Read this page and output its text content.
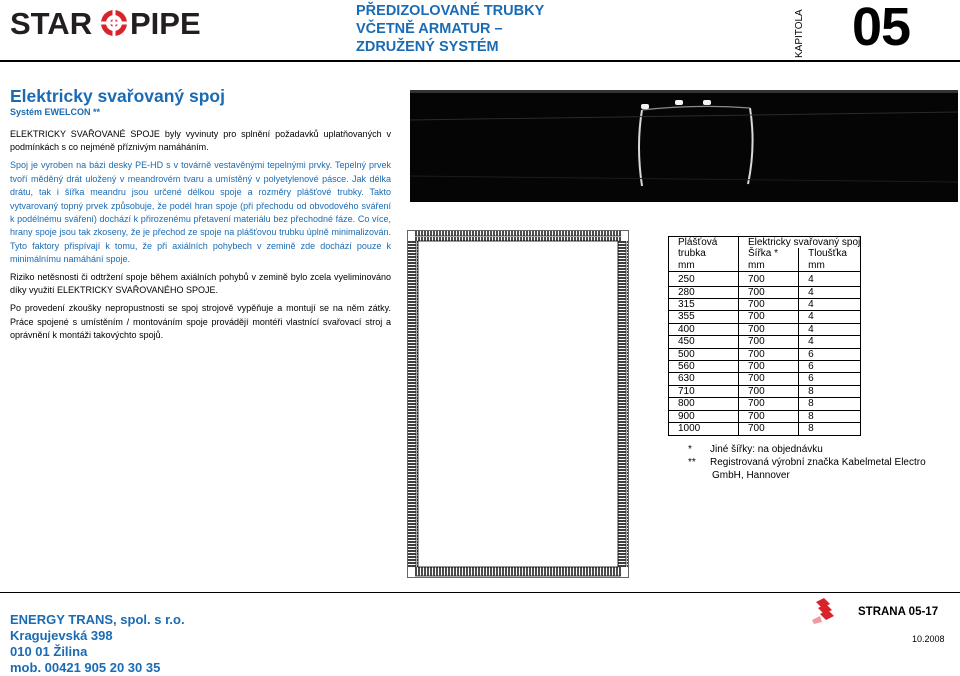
STAR PIPE	PŘEDIZOLOVANÉ TRUBKY
VČETNĚ ARMATUR –
ZDRUŽENÝ SYSTÉM	KAPITOLA 05
Elektricky svařovaný spoj
Systém EWELCON **

ELEKTRICKY SVAŘOVANÉ SPOJE byly vyvinuty pro splnění požadavků uplatňovaných v podmínkách s co nejméně příznivým namáháním.

Spoj je vyroben na bázi desky PE-HD s v továrně vestavěnými tepelnými prvky. Tepelný prvek tvoří měděný drát uložený v meandrovém tvaru a umístěný v polyetylenové pásce. Jak délka drátu, tak i šířka meandru jsou určené délkou spoje a rozměry plášťové trubky. Takto vytvarovaný topný prvek způsobuje, že podél hran spoje (při přechodu od obvodového sváření k podélnému sváření) dochází k přirozenému přetavení materiálu bez přechodné fáze. Co více, hrany spoje jsou tak zkoseny, že je přechod ze spoje na plášťovou trubku úplně minimalizován. Tyto faktory přispívají k tomu, že při axiálních pohybech v zemině zde dochází pouze k minimálnímu namáhání spoje.

Riziko netěsnosti či odtržení spoje během axiálních pohybů v zemině bylo zcela vyeliminováno díky využití ELEKTRICKY SVAŘOVANÉHO SPOJE.

Po provedení zkoušky nepropustnosti se spoj strojově vypěňuje a montují se na něm zátky. Práce spojené s umístěním / montováním spoje provádějí montéři vlastnící svařovací stroj a oprávnění k montáži takovýchto spojů.

Plášťová	Elektricky svařovaný spoj	
trubka	Šířka *	Tloušťka
mm	mm	mm
250	700	4
280	700	4
315	700	4
355	700	4
400	700	4
450	700	4
500	700	6
560	700	6
630	700	6
710	700	8
800	700	8
900	700	8
1000	700	8
* Jiné šířky: na objednávku
** Registrovaná výrobní značka Kabelmetal Electro
GmbH, Hannover
ENERGY TRANS, spol. s r.o.
Kragujevská 398
010 01 Žilina
mob. 00421 905 20 30 35
STRANA 05-17
10.2008
